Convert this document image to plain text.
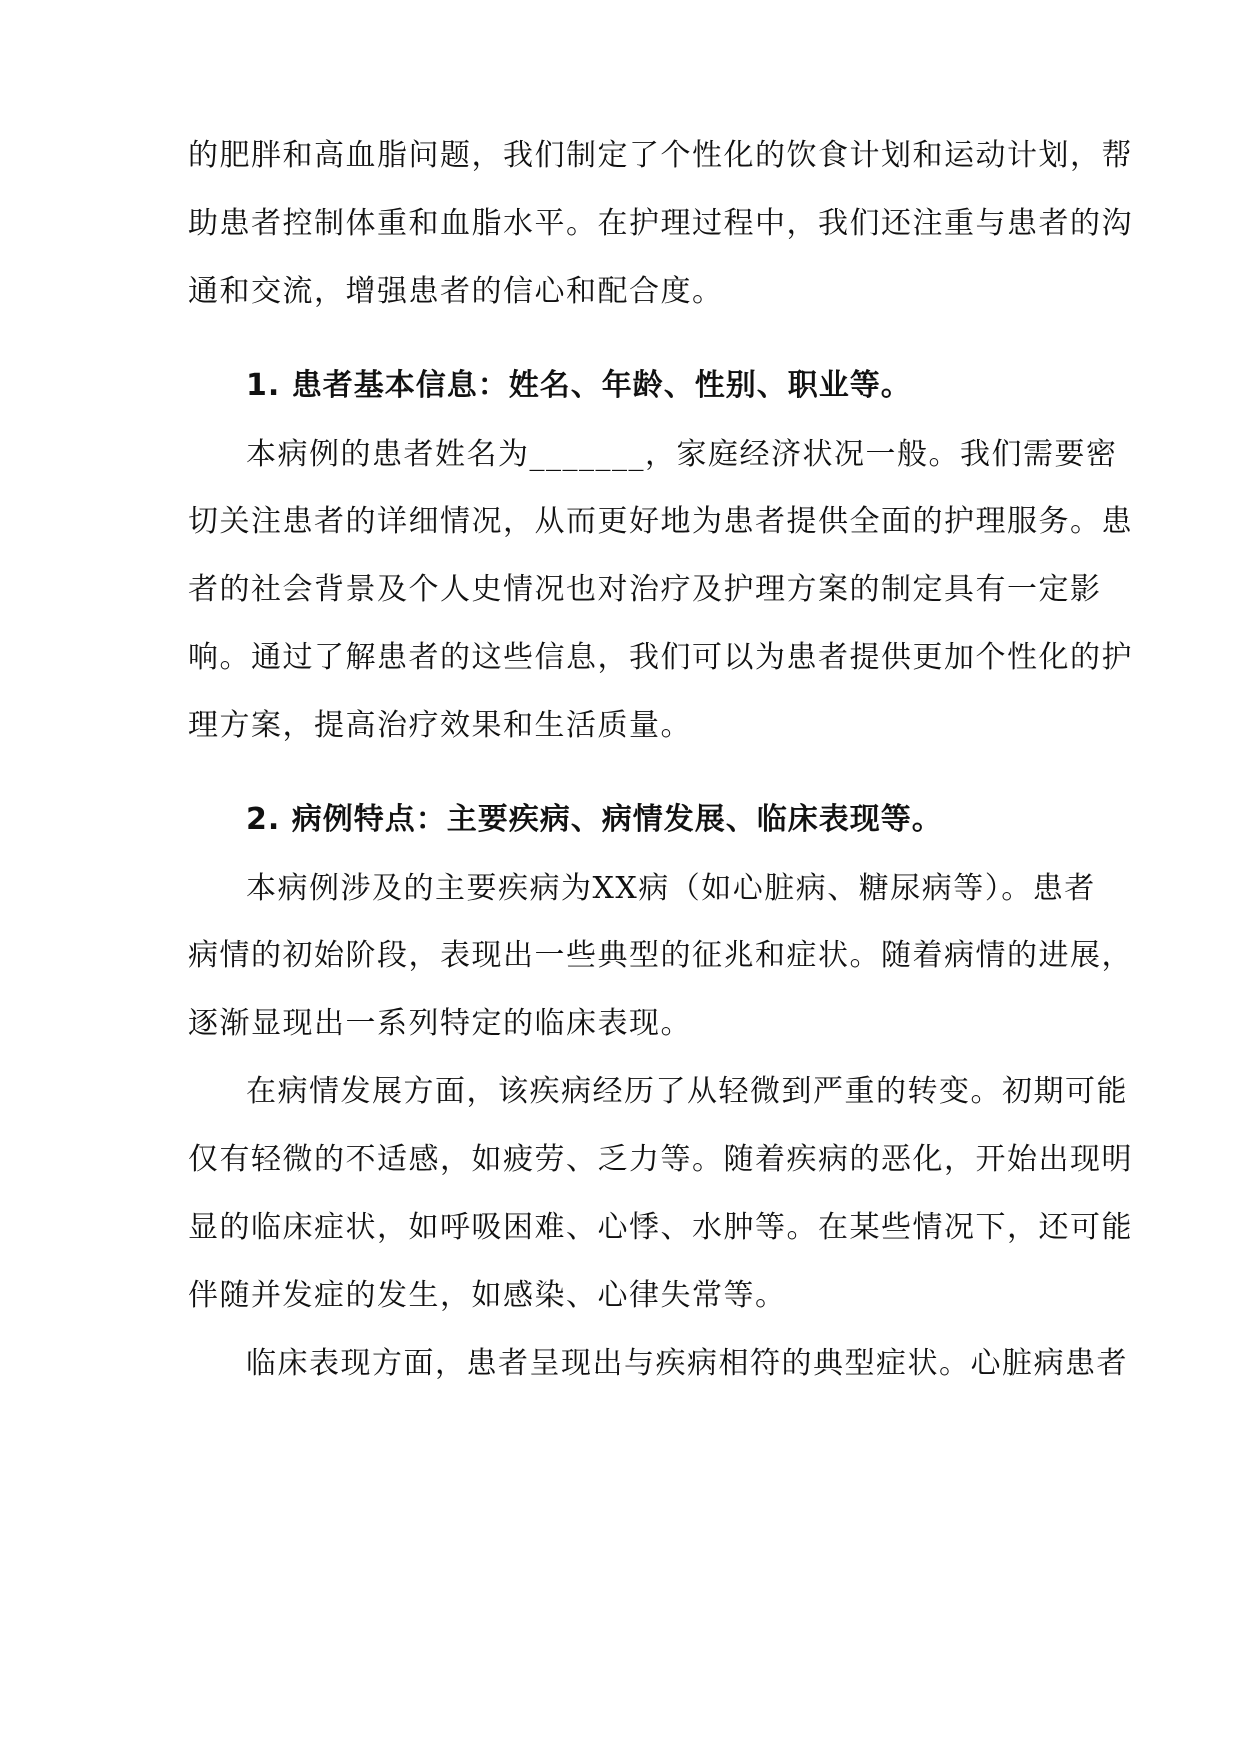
的肥胖和高血脂问题，我们制定了个性化的饮食计划和运动计划，帮
助患者控制体重和血脂水平。在护理过程中，我们还注重与患者的沟
通和交流，增强患者的信心和配合度。
1. 患者基本信息：姓名、年龄、性别、职业等。
本病例的患者姓名为_______，家庭经济状况一般。我们需要密
切关注患者的详细情况，从而更好地为患者提供全面的护理服务。患
者的社会背景及个人史情况也对治疗及护理方案的制定具有一定影
响。通过了解患者的这些信息，我们可以为患者提供更加个性化的护
理方案，提高治疗效果和生活质量。
2. 病例特点：主要疾病、病情发展、临床表现等。
本病例涉及的主要疾病为XX病（如心脏病、糖尿病等）。患者
病情的初始阶段，表现出一些典型的征兆和症状。随着病情的进展，
逐渐显现出一系列特定的临床表现。
在病情发展方面，该疾病经历了从轻微到严重的转变。初期可能
仅有轻微的不适感，如疲劳、乏力等。随着疾病的恶化，开始出现明
显的临床症状，如呼吸困难、心悸、水肿等。在某些情况下，还可能
伴随并发症的发生，如感染、心律失常等。
临床表现方面，患者呈现出与疾病相符的典型症状。心脏病患者
